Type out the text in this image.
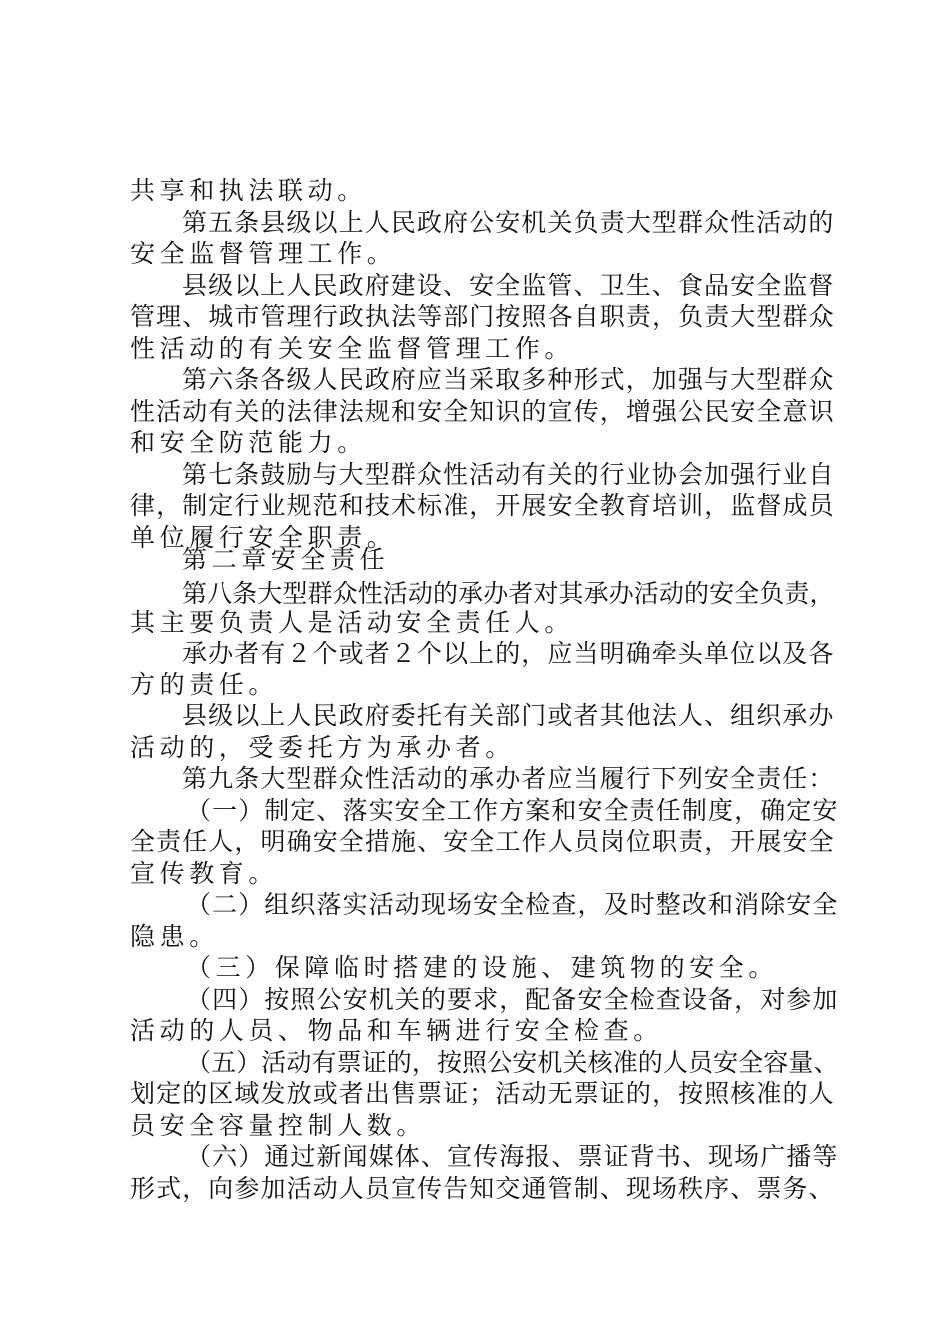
共享和执法联动。
第五条县级以上人民政府公安机关负责大型群众性活动的
安全监督管理工作。
县级以上人民政府建设、安全监管、卫生、食品安全监督
管理、城市管理行政执法等部门按照各自职责，负责大型群众
性活动的有关安全监督管理工作。
第六条各级人民政府应当采取多种形式，加强与大型群众
性活动有关的法律法规和安全知识的宣传，增强公民安全意识
和安全防范能力。
第七条鼓励与大型群众性活动有关的行业协会加强行业自
律，制定行业规范和技术标准，开展安全教育培训，监督成员
单位履行安全职责。
第二章安全责任
第八条大型群众性活动的承办者对其承办活动的安全负责，
其主要负责人是活动安全责任人。
承办者有２个或者２个以上的，应当明确牵头单位以及各
方的责任。
县级以上人民政府委托有关部门或者其他法人、组织承办
活动的，受委托方为承办者。
第九条大型群众性活动的承办者应当履行下列安全责任：
（一）制定、落实安全工作方案和安全责任制度，确定安
全责任人，明确安全措施、安全工作人员岗位职责，开展安全
宣传教育。
（二）组织落实活动现场安全检查，及时整改和消除安全
隐患。
（三）保障临时搭建的设施、建筑物的安全。
（四）按照公安机关的要求，配备安全检查设备，对参加
活动的人员、物品和车辆进行安全检查。
（五）活动有票证的，按照公安机关核准的人员安全容量、
划定的区域发放或者出售票证；活动无票证的，按照核准的人
员安全容量控制人数。
（六）通过新闻媒体、宣传海报、票证背书、现场广播等
形式，向参加活动人员宣传告知交通管制、现场秩序、票务、
